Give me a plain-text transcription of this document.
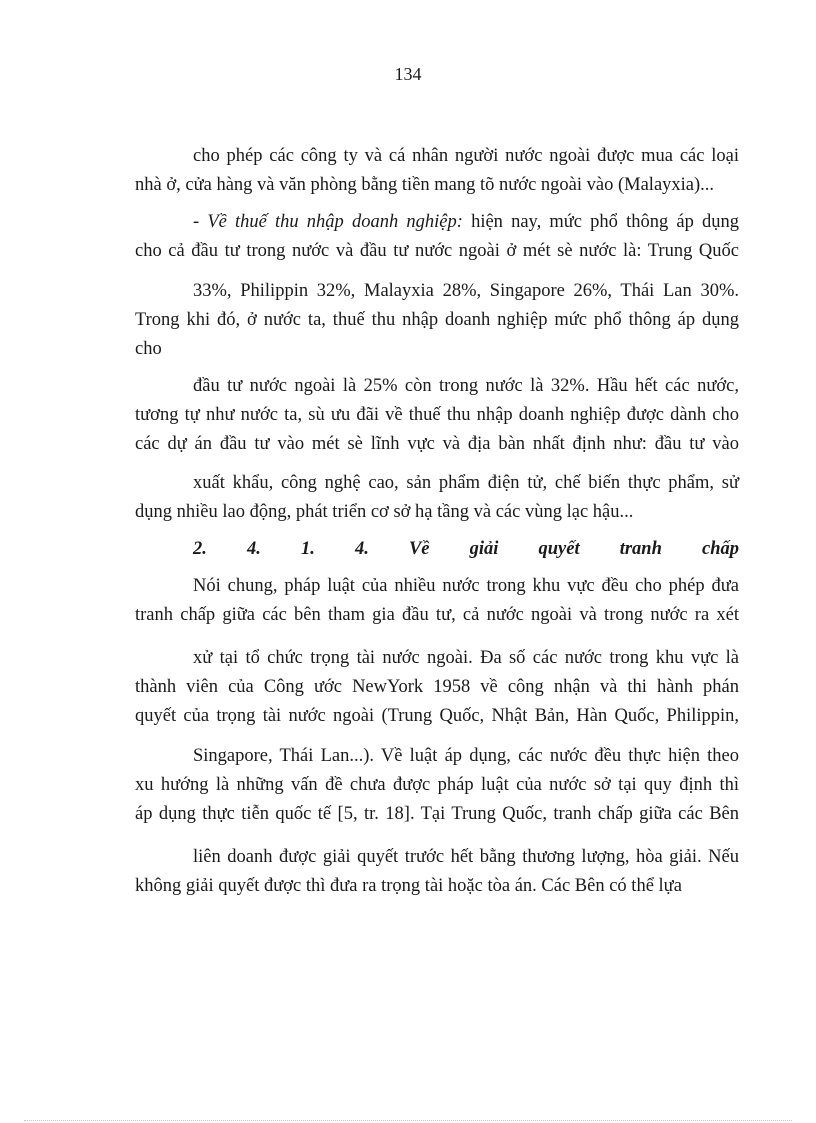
134
cho phép các công ty và cá nhân người nước ngoài được mua các loại
nhà ở, cửa hàng và văn phòng bằng tiền mang tõ nước ngoài vào (Malayxia)...
- Về thuế thu nhập doanh nghiệp: hiện nay, mức phổ thông áp dụng
cho cả đầu tư trong nước và đầu tư nước ngoài ở mét sè nước là: Trung Quốc
33%, Philippin 32%, Malayxia 28%, Singapore 26%, Thái Lan 30%.
Trong khi đó, ở nước ta, thuế thu nhập doanh nghiệp mức phổ thông áp dụng
cho
đầu tư nước ngoài là 25% còn trong nước là 32%. Hầu hết các nước,
tương tự như nước ta, sù ưu đãi về thuế thu nhập doanh nghiệp được dành cho
các dự án đầu tư vào mét sè lĩnh vực và địa bàn nhất định như: đầu tư vào
xuất khẩu, công nghệ cao, sản phẩm điện tử, chế biến thực phẩm, sử
dụng nhiều lao động, phát triển cơ sở hạ tầng và các vùng lạc hậu...
2. 4. 1. 4. Về giải quyết tranh chấp
Nói chung, pháp luật của nhiều nước trong khu vực đều cho phép đưa
tranh chấp giữa các bên tham gia đầu tư, cả nước ngoài và trong nước ra xét
xử tại tổ chức trọng tài nước ngoài. Đa số các nước trong khu vực là
thành viên của Công ước NewYork 1958 về công nhận và thi hành phán
quyết của trọng tài nước ngoài (Trung Quốc, Nhật Bản, Hàn Quốc, Philippin,
Singapore, Thái Lan...). Về luật áp dụng, các nước đều thực hiện theo
xu hướng là những vấn đề chưa được pháp luật của nước sở tại quy định thì
áp dụng thực tiễn quốc tế [5, tr. 18]. Tại Trung Quốc, tranh chấp giữa các Bên
liên doanh được giải quyết trước hết bằng thương lượng, hòa giải. Nếu
không giải quyết được thì đưa ra trọng tài hoặc tòa án. Các Bên có thể lựa
